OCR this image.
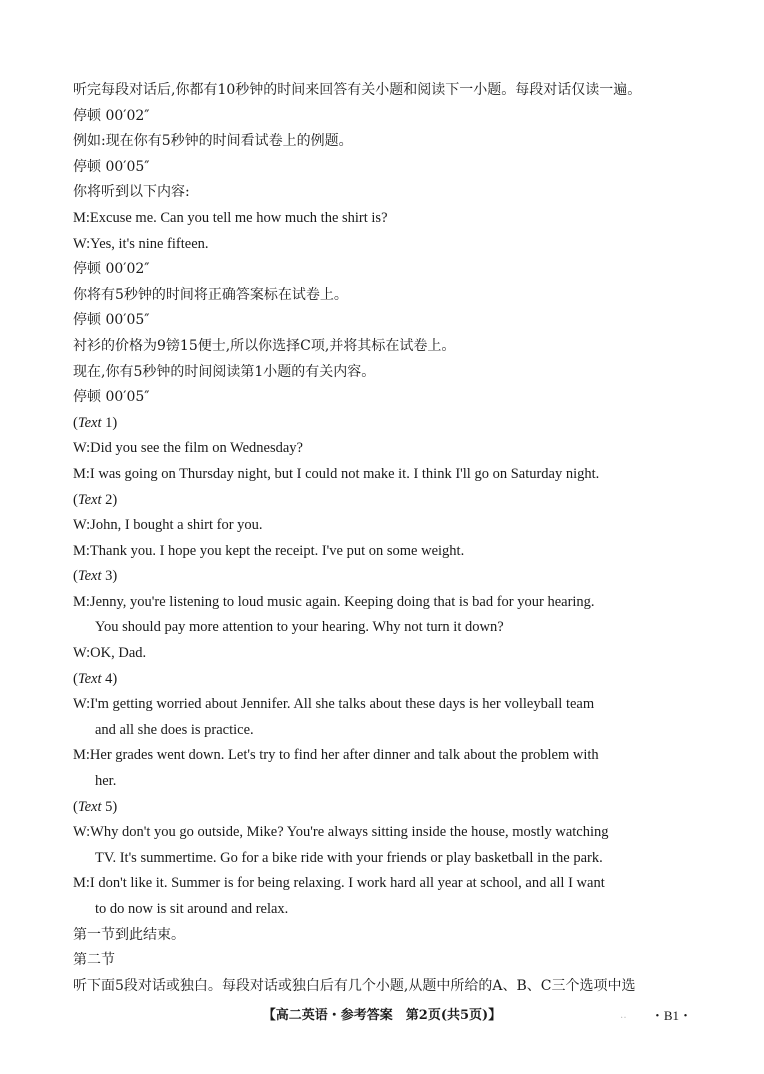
听完每段对话后,你都有10秒钟的时间来回答有关小题和阅读下一小题。每段对话仅读一遍。
停顿 00′02″
例如:现在你有5秒钟的时间看试卷上的例题。
停顿 00′05″
你将听到以下内容:
M:Excuse me. Can you tell me how much the shirt is?
W:Yes, it's nine fifteen.
停顿 00′02″
你将有5秒钟的时间将正确答案标在试卷上。
停顿 00′05″
衬衫的价格为9镑15便士,所以你选择C项,并将其标在试卷上。
现在,你有5秒钟的时间阅读第1小题的有关内容。
停顿 00′05″
(Text 1)
W:Did you see the film on Wednesday?
M:I was going on Thursday night, but I could not make it. I think I'll go on Saturday night.
(Text 2)
W:John, I bought a shirt for you.
M:Thank you. I hope you kept the receipt. I've put on some weight.
(Text 3)
M:Jenny, you're listening to loud music again. Keeping doing that is bad for your hearing.
You should pay more attention to your hearing. Why not turn it down?
W:OK, Dad.
(Text 4)
W:I'm getting worried about Jennifer. All she talks about these days is her volleyball team
and all she does is practice.
M:Her grades went down. Let's try to find her after dinner and talk about the problem with
her.
(Text 5)
W:Why don't you go outside, Mike? You're always sitting inside the house, mostly watching
TV. It's summertime. Go for a bike ride with your friends or play basketball in the park.
M:I don't like it. Summer is for being relaxing. I work hard all year at school, and all I want
to do now is sit around and relax.
第一节到此结束。
第二节
听下面5段对话或独白。每段对话或独白后有几个小题,从题中所给的A、B、C三个选项中选
【高二英语・参考答案　第2页(共5页)】	‥ ・B1・
